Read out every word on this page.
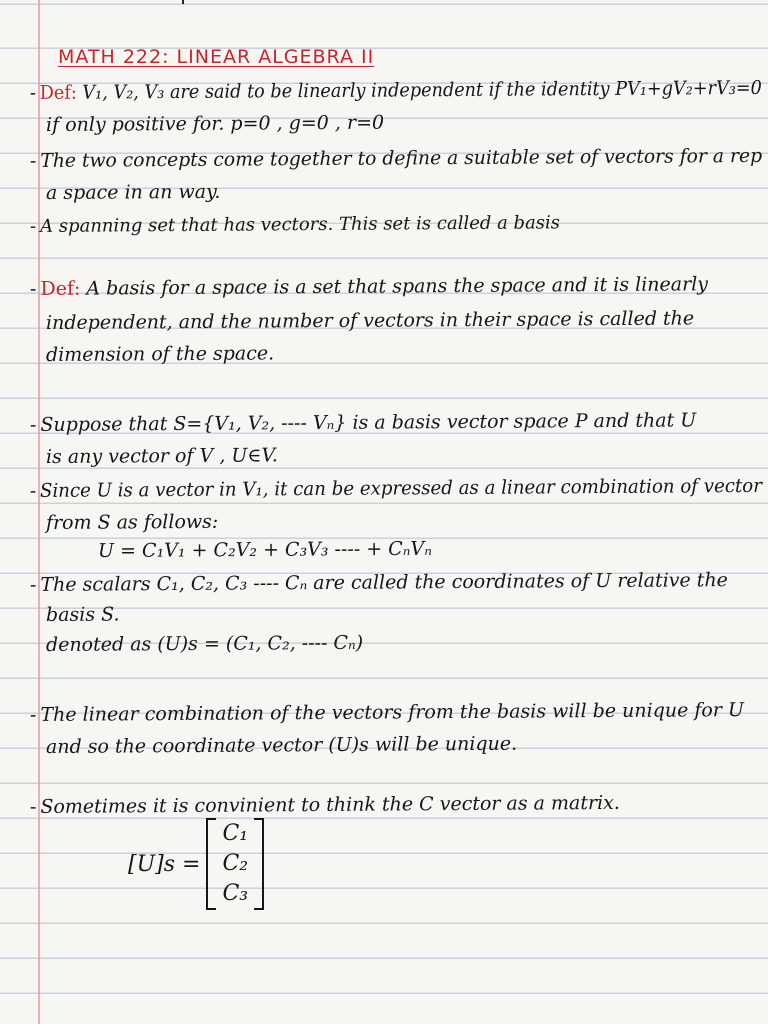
MATH 222: LINEAR ALGEBRA II
- Def: V₁, V₂, V₃ are said to be linearly independent if the identity PV₁+gV₂+rV₃=0
if only positive for. p=0 , g=0 , r=0
- The two concepts come together to define a suitable set of vectors for a rep
a space in an way.
- A spanning set that has vectors. This set is called a basis
- Def: A basis for a space is a set that spans the space and it is linearly
independent, and the number of vectors in their space is called the
dimension of the space.
- Suppose that S={V₁, V₂, ---- Vₙ} is a basis vector space P and that U
is any vector of V , U∈V.
- Since U is a vector in V₁, it can be expressed as a linear combination of vector
from S as follows:
U = C₁V₁ + C₂V₂ + C₃V₃ ---- + CₙVₙ
- The scalars C₁, C₂, C₃ ---- Cₙ are called the coordinates of U relative the
basis S.
denoted as (U)s = (C₁, C₂, ---- Cₙ)
- The linear combination of the vectors from the basis will be unique for U
and so the coordinate vector (U)s will be unique.
- Sometimes it is convinient to think the C vector as a matrix.
[U]s =
C₁
C₂
C₃
